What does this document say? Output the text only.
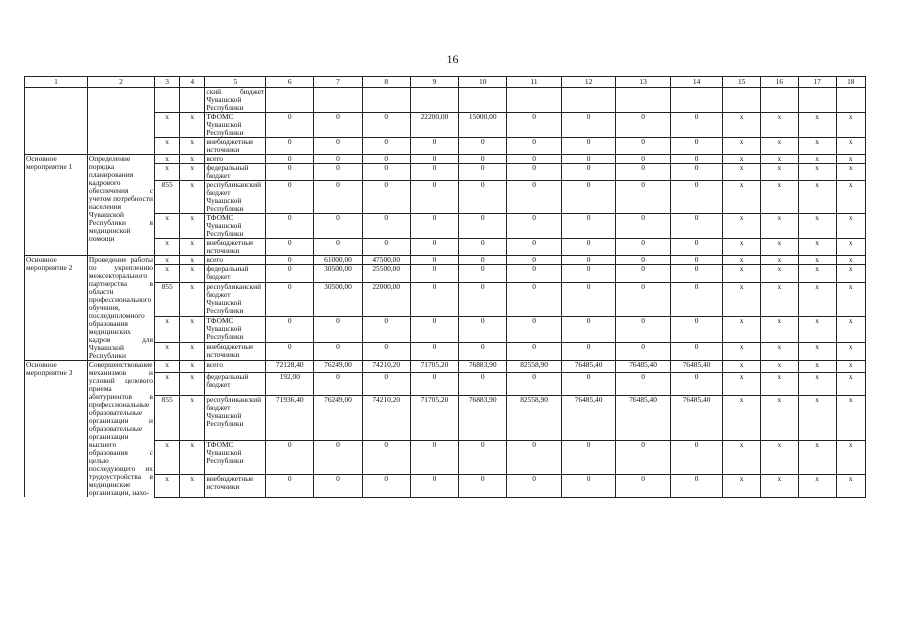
16
1	2	3	4	5	6	7	8	9	10	11	12	13	14	15	16	17	18
				ский бюджет Чувашской Республики													
		x	x	ТФОМС Чувашской Республики	0	0	0	22200,00	15000,00	0	0	0	0	x	x	x	x
		x	x	внебюджетные источники	0	0	0	0	0	0	0	0	0	x	x	x	x
Основное мероприятие 1	Определение порядка планирования кадрового обеспечения с учетом потребности населения Чувашской Республики в медицинской помощи	x	x	всего	0	0	0	0	0	0	0	0	0	x	x	x	x
		x	x	федеральный бюджет	0	0	0	0	0	0	0	0	0	x	x	x	x
		855	x	республиканский бюджет Чувашской Республики	0	0	0	0	0	0	0	0	0	x	x	x	x
		x	x	ТФОМС Чувашской Республики	0	0	0	0	0	0	0	0	0	x	x	x	x
		x	x	внебюджетные источники	0	0	0	0	0	0	0	0	0	x	x	x	x
Основное мероприятие 2	Проведение работы по укреплению межсекторального партнерства в области профессионального обучения, последипломного образования медицинских кадров для Чувашской Республики	x	x	всего	0	61000,00	47500,00	0	0	0	0	0	0	x	x	x	x
		x	x	федеральный бюджет	0	30500,00	25500,00	0	0	0	0	0	0	x	x	x	x
		855	x	республиканский бюджет Чувашской Республики	0	30500,00	22000,00	0	0	0	0	0	0	x	x	x	x
		x	x	ТФОМС Чувашской Республики	0	0	0	0	0	0	0	0	0	x	x	x	x
		x	x	внебюджетные источники	0	0	0	0	0	0	0	0	0	x	x	x	x
Основное мероприятие 3	Совершенствование механизмов и условий целевого приема абитуриентов в профессиональные образовательные организации и образовательные организации высшего образования с целью последующего их трудоустройства в медицинские организации, нахо-	x	x	всего	72128,40	76249,00	74210,20	71705,20	76883,90	82558,90	76485,40	76485,40	76485,40	x	x	x	x
		x	x	федеральный бюджет	192,00	0	0	0	0	0	0	0	0	x	x	x	x
		855	x	республиканский бюджет Чувашской Республики	71936,40	76249,00	74210,20	71705,20	76883,90	82558,90	76485,40	76485,40	76485,40	x	x	x	x
		x	x	ТФОМС Чувашской Республики	0	0	0	0	0	0	0	0	0	x	x	x	x
		x	x	внебюджетные источники	0	0	0	0	0	0	0	0	0	x	x	x	x
